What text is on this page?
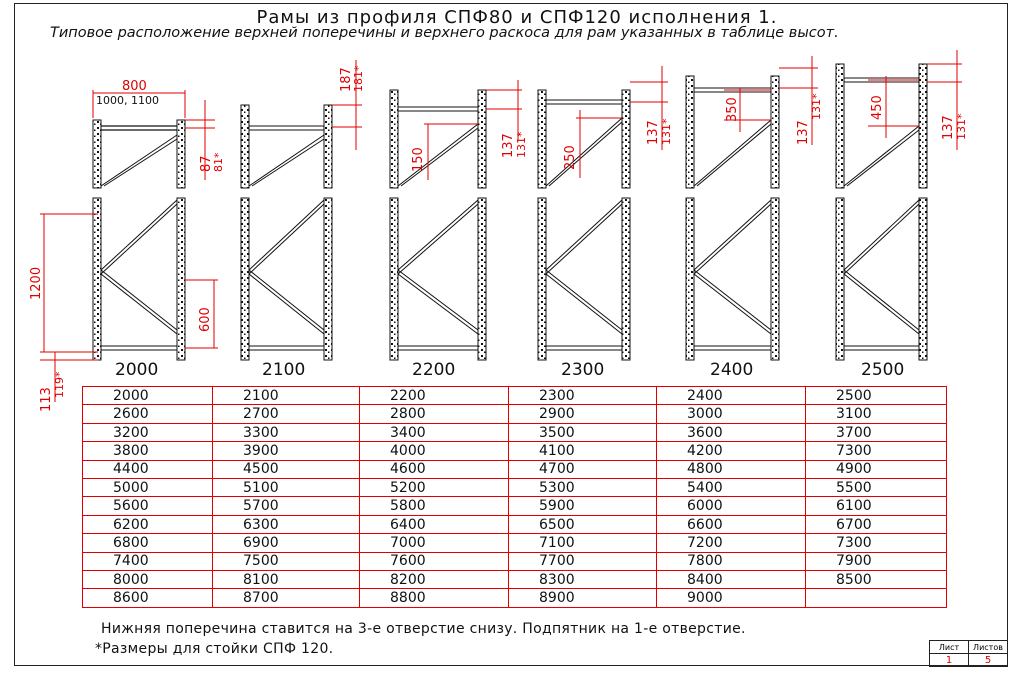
Рамы из профиля СПФ80 и СПФ120 исполнения 1.
Типовое расположение верхней поперечины и верхнего раскоса для рам указанных в таблице высот.
800
1000, 1100
87
81*
187
181*
150
137 131*	250
137 131*
350
137
131*	450
137 131*
1200
600
113
119*
2000	2100	2200	2300	2400	2500
2000	2100	2200	2300	2400	2500
2600	2700	2800	2900	3000	3100
3200	3300	3400	3500	3600	3700
3800	3900	4000	4100	4200	7300
4400	4500	4600	4700	4800	4900
5000	5100	5200	5300	5400	5500
5600	5700	5800	5900	6000	6100
6200	6300	6400	6500	6600	6700
6800	6900	7000	7100	7200	7300
7400	7500	7600	7700	7800	7900
8000	8100	8200	8300	8400	8500
8600	8700	8800	8900	9000	
Нижняя поперечина ставится на 3-е отверстие снизу. Подпятник на 1-е отверстие.
*Размеры для стойки СПФ 120.	Лист	Листов
1	5
